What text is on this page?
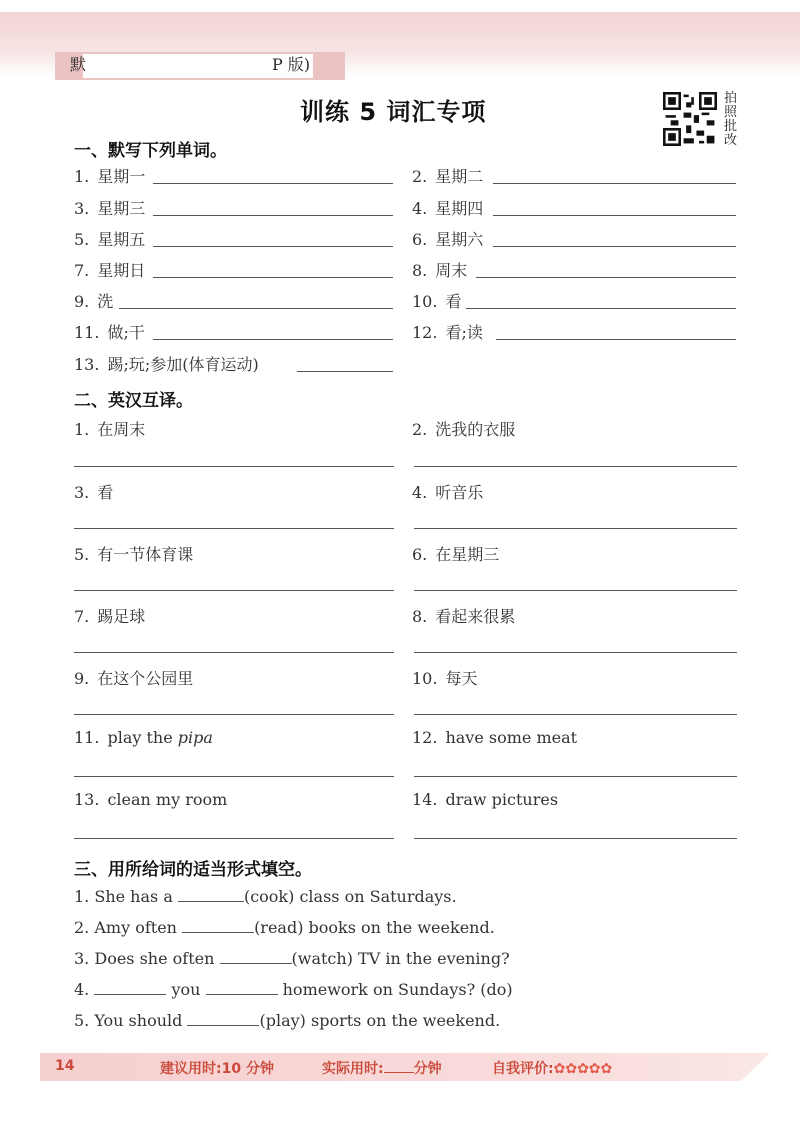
默	P 版)
训练 5 词汇专项	拍照批改
一、默写下列单词。
1. 星期一	2. 星期二
3. 星期三	4. 星期四
5. 星期五	6. 星期六
7. 星期日	8. 周末
9. 洗	10. 看
11. 做;干	12. 看;读
13. 踢;玩;参加(体育运动)
二、英汉互译。
1. 在周末	2. 洗我的衣服
3. 看	4. 听音乐
5. 有一节体育课	6. 在星期三
7. 踢足球	8. 看起来很累
9. 在这个公园里	10. 每天
11. play the pipa	12. have some meat
13. clean my room	14. draw pictures
三、用所给词的适当形式填空。
1. She has a	(cook) class on Saturdays.
2. Amy often	(read) books on the weekend.
3. Does she often	(watch) TV in the evening?
4.	you	homework on Sundays? (do)
5. You should	(play) sports on the weekend.
14	建议用时:10 分钟	实际用时: 分钟	自我评价:✿✿✿✿✿
